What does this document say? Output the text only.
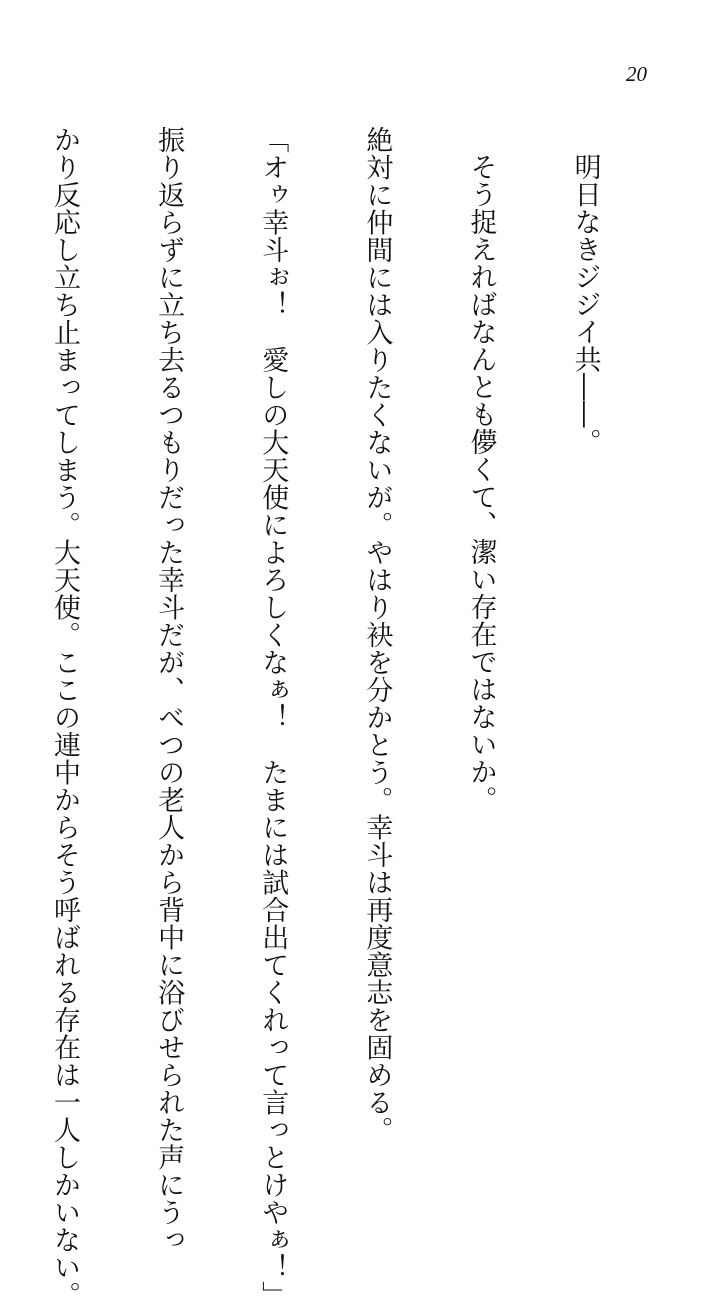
20

明日なきジジイ共――。

そう捉えればなんとも儚くて、潔い存在ではないか。

絶対に仲間には入りたくないが。やはり袂を分かとう。幸斗は再度意志を固める。

「オゥ幸斗ぉ！　愛しの大天使によろしくなぁ！　たまには試合出てくれって言っとけやぁ！」

振り返らずに立ち去るつもりだった幸斗だが、べつの老人から背中に浴びせられた声にうっ

かり反応し立ち止まってしまう。大天使。ここの連中からそう呼ばれる存在は一人しかいない。
